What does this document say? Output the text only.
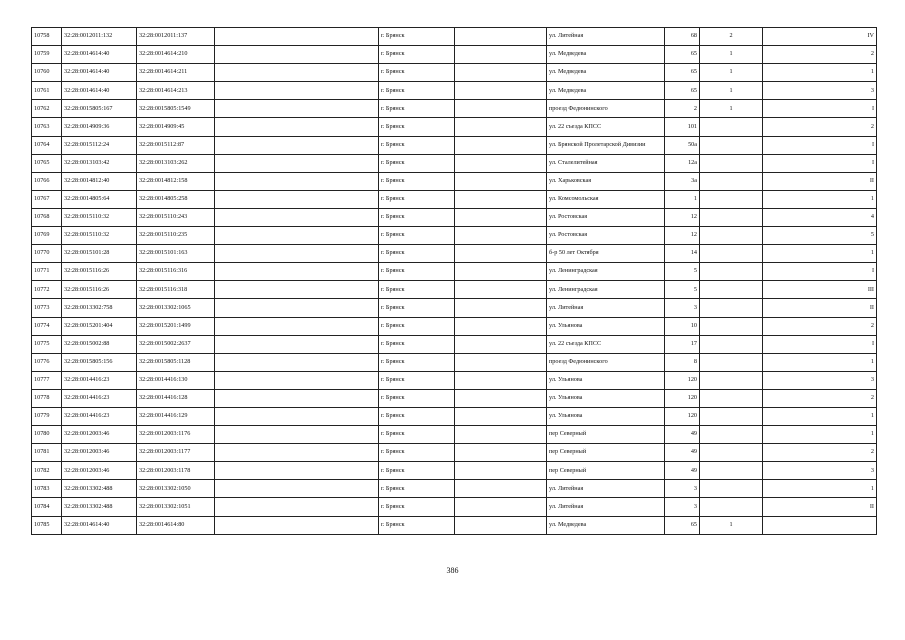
10758	32:28:0012011:132	32:28:0012011:137		г. Брянск		ул. Литейная	68	2	IV
10759	32:28:0014614:40	32:28:0014614:210		г. Брянск		ул. Медведева	65	1	2
10760	32:28:0014614:40	32:28:0014614:211		г. Брянск		ул. Медведева	65	1	1
10761	32:28:0014614:40	32:28:0014614:213		г. Брянск		ул. Медведева	65	1	3
10762	32:28:0015805:167	32:28:0015805:1549		г. Брянск		проезд Федюнинского	2	1	I
10763	32:28:0014909:36	32:28:0014909:45		г. Брянск		ул. 22 съезда КПСС	101		2
10764	32:28:0015112:24	32:28:0015112:87		г. Брянск		ул. Брянской Пролетарской Дивизии	50а		I
10765	32:28:0013103:42	32:28:0013103:262		г. Брянск		ул. Сталелитейная	12а		I
10766	32:28:0014812:40	32:28:0014812:158		г. Брянск		ул. Харьковская	3а		II
10767	32:28:0014805:64	32:28:0014805:258		г. Брянск		ул. Комсомольская	1		1
10768	32:28:0015110:32	32:28:0015110:243		г. Брянск		ул. Ростовская	12		4
10769	32:28:0015110:32	32:28:0015110:235		г. Брянск		ул. Ростовская	12		5
10770	32:28:0015101:28	32:28:0015101:163		г. Брянск		б-р 50 лет Октября	14		1
10771	32:28:0015116:26	32:28:0015116:316		г. Брянск		ул. Ленинградская	5		I
10772	32:28:0015116:26	32:28:0015116:318		г. Брянск		ул. Ленинградская	5		III
10773	32:28:0013302:758	32:28:0013302:1065		г. Брянск		ул. Литейная	3		II
10774	32:28:0015201:404	32:28:0015201:1499		г. Брянск		ул. Ульянова	10		2
10775	32:28:0015002:88	32:28:0015002:2637		г. Брянск		ул. 22 съезда КПСС	17		I
10776	32:28:0015805:156	32:28:0015805:1128		г. Брянск		проезд Федюнинского	8		1
10777	32:28:0014416:23	32:28:0014416:130		г. Брянск		ул. Ульянова	120		3
10778	32:28:0014416:23	32:28:0014416:128		г. Брянск		ул. Ульянова	120		2
10779	32:28:0014416:23	32:28:0014416:129		г. Брянск		ул. Ульянова	120		1
10780	32:28:0012003:46	32:28:0012003:1176		г. Брянск		пер Северный	49		1
10781	32:28:0012003:46	32:28:0012003:1177		г. Брянск		пер Северный	49		2
10782	32:28:0012003:46	32:28:0012003:1178		г. Брянск		пер Северный	49		3
10783	32:28:0013302:488	32:28:0013302:1050		г. Брянск		ул. Литейная	3		1
10784	32:28:0013302:488	32:28:0013302:1051		г. Брянск		ул. Литейная	3		II
10785	32:28:0014614:40	32:28:0014614:80		г. Брянск		ул. Медведева	65	1	
386
